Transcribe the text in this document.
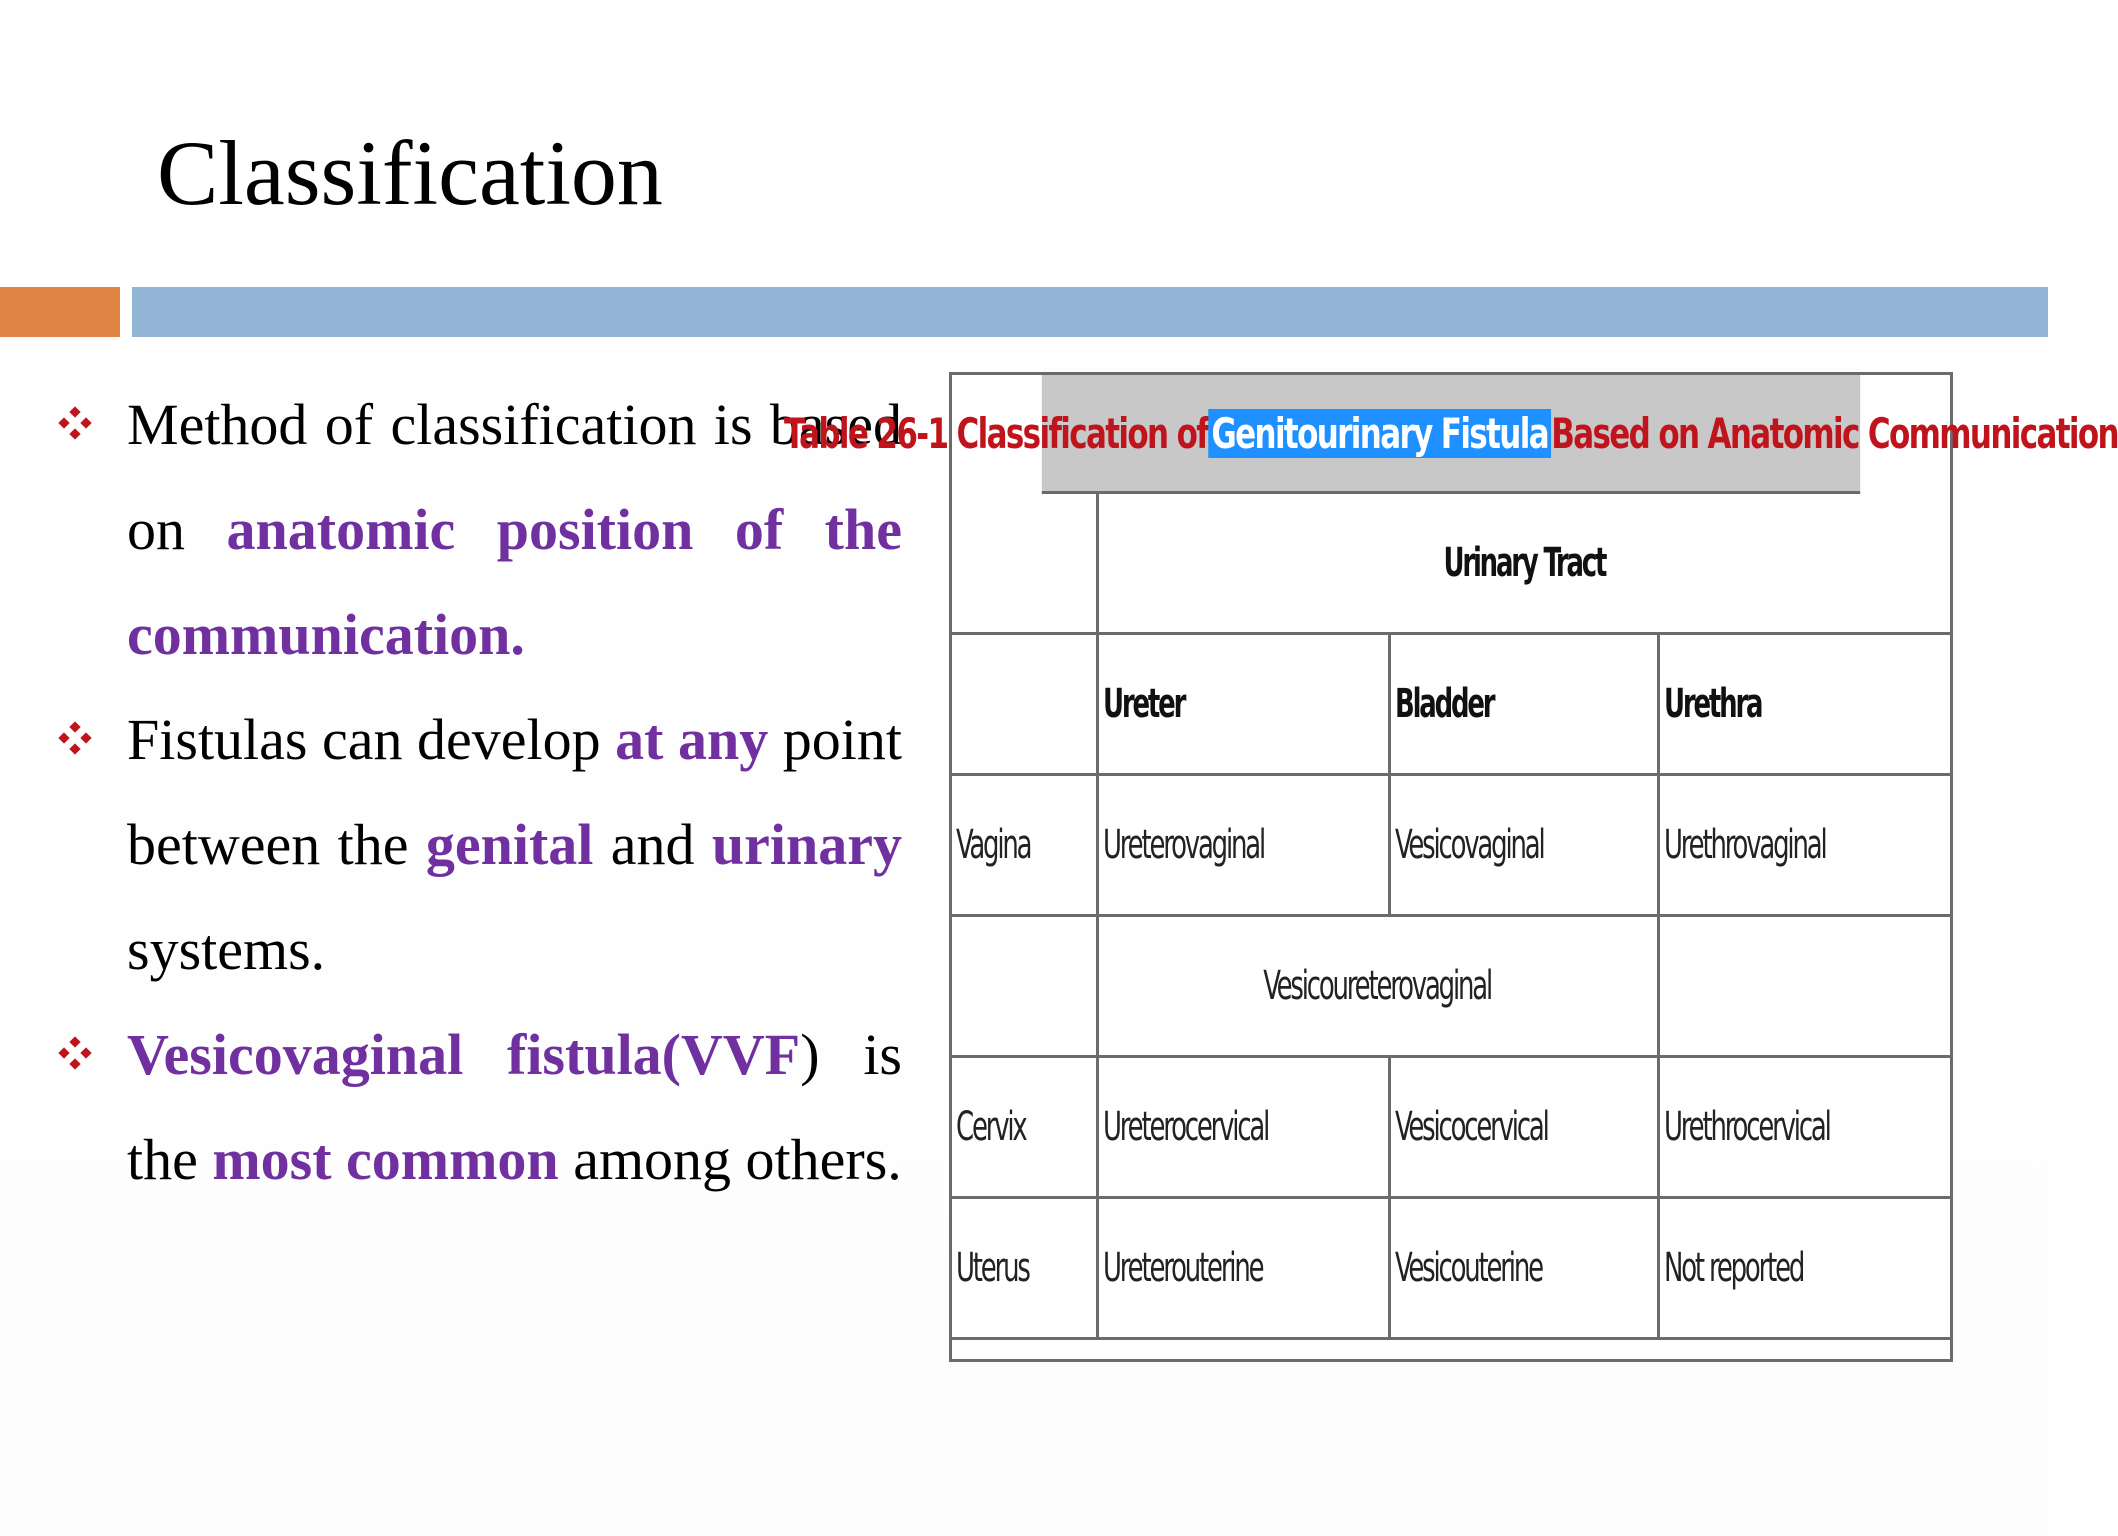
Classification
Method of classification is based on anatomic position of the communication.
Fistulas can develop at any point between the genital and urinary systems.
Vesicovaginal fistula(VVF) is the most common among others.
Table 26-1 Classification of Genitourinary Fistula Based on Anatomic Communication
	Urinary Tract		
	Ureter	Bladder	Urethra
Vagina	Ureterovaginal	Vesicovaginal	Urethrovaginal
	Vesicoureterovaginal		
Cervix	Ureterocervical	Vesicocervical	Urethrocervical
Uterus	Ureterouterine	Vesicouterine	Not reported
